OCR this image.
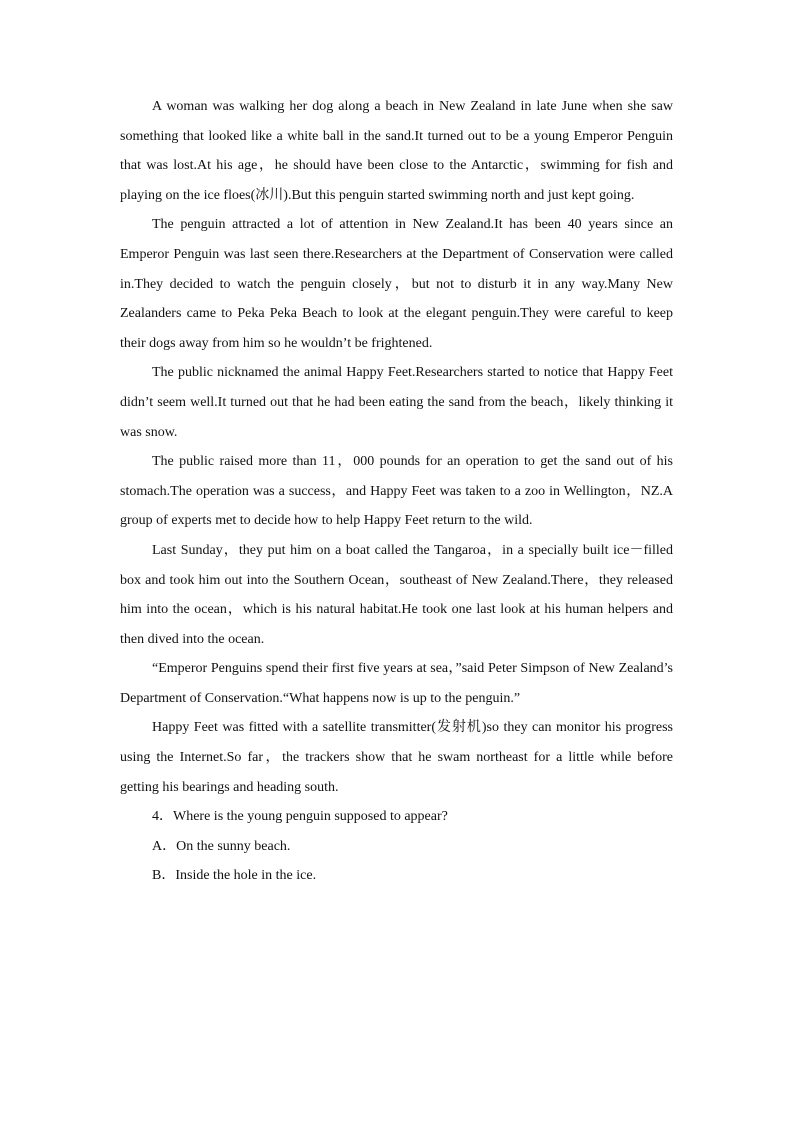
A woman was walking her dog along a beach in New Zealand in late June when she saw something that looked like a white ball in the sand.It turned out to be a young Emperor Penguin that was lost.At his age，he should have been close to the Antarctic，swimming for fish and playing on the ice floes(冰川).But this penguin started swimming north and just kept going.

The penguin attracted a lot of attention in New Zealand.It has been 40 years since an Emperor Penguin was last seen there.Researchers at the Department of Conservation were called in.They decided to watch the penguin closely，but not to disturb it in any way.Many New Zealanders came to Peka Peka Beach to look at the elegant penguin.They were careful to keep their dogs away from him so he wouldn’t be frightened.

The public nicknamed the animal Happy Feet.Researchers started to notice that Happy Feet didn’t seem well.It turned out that he had been eating the sand from the beach，likely thinking it was snow.

The public raised more than 11，000 pounds for an operation to get the sand out of his stomach.The operation was a success，and Happy Feet was taken to a zoo in Wellington，NZ.A group of experts met to decide how to help Happy Feet return to the wild.

Last Sunday，they put him on a boat called the Tangaroa，in a specially built ice－filled box and took him out into the Southern Ocean，southeast of New Zealand.There，they released him into the ocean，which is his natural habitat.He took one last look at his human helpers and then dived into the ocean.

“Emperor Penguins spend their first five years at sea，”said Peter Simpson of New Zealand’s Department of Conservation.“What happens now is up to the penguin.”

Happy Feet was fitted with a satellite transmitter(发射机)so they can monitor his progress using the Internet.So far，the trackers show that he swam northeast for a little while before getting his bearings and heading south.

4．Where is the young penguin supposed to appear?

A．On the sunny beach.

B．Inside the hole in the ice.
